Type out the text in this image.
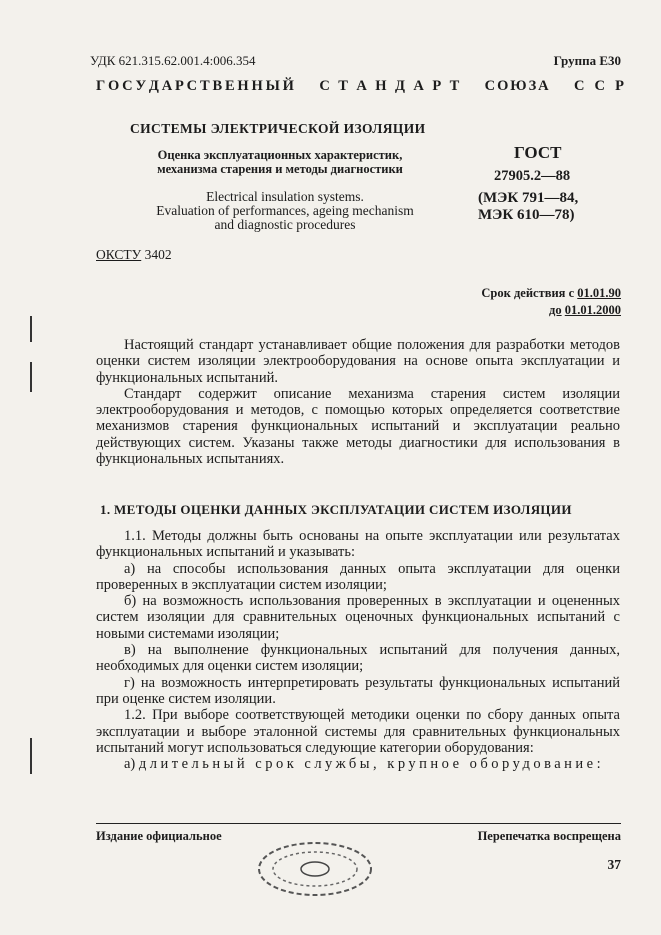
УДК 621.315.62.001.4:006.354	Группа Е30
Г О С У Д А Р С Т В Е Н Н Ы Й С Т А Н Д А Р Т С О Ю З А С С Р
СИСТЕМЫ ЭЛЕКТРИЧЕСКОЙ ИЗОЛЯЦИИ
Оценка эксплуатационных характеристик,
механизма старения и методы диагностики
Electrical insulation systems.
Evaluation of performances, ageing mechanism
and diagnostic procedures
ГОСТ
27905.2—88
(МЭК 791—84,
МЭК 610—78)
ОКСТУ 3402
Срок действия с 01.01.90
до 01.01.2000

Настоящий стандарт устанавливает общие положения для разработки методов оценки систем изоляции электрооборудования на основе опыта эксплуатации и функциональных испытаний.

Стандарт содержит описание механизма старения систем изоляции электрооборудования и методов, с помощью которых определяется соответствие механизмов старения функциональных испытаний и эксплуатации реально действующих систем. Указаны также методы диагностики для использования в функциональных испытаниях.

1. МЕТОДЫ ОЦЕНКИ ДАННЫХ ЭКСПЛУАТАЦИИ СИСТЕМ ИЗОЛЯЦИИ

1.1. Методы должны быть основаны на опыте эксплуатации или результатах функциональных испытаний и указывать:

а) на способы использования данных опыта эксплуатации для оценки проверенных в эксплуатации систем изоляции;

б) на возможность использования проверенных в эксплуатации и оцененных систем изоляции для сравнительных оценочных функциональных испытаний с новыми системами изоляции;

в) на выполнение функциональных испытаний для получения данных, необходимых для оценки систем изоляции;

г) на возможность интерпретировать результаты функциональных испытаний при оценке систем изоляции.

1.2. При выборе соответствующей методики оценки по сбору данных опыта эксплуатации и выборе эталонной системы для сравнительных функциональных испытаний могут использоваться следующие категории оборудования:

а) длительный срок службы, крупное оборудование:

Издание официальное	Перепечатка воспрещена
37
